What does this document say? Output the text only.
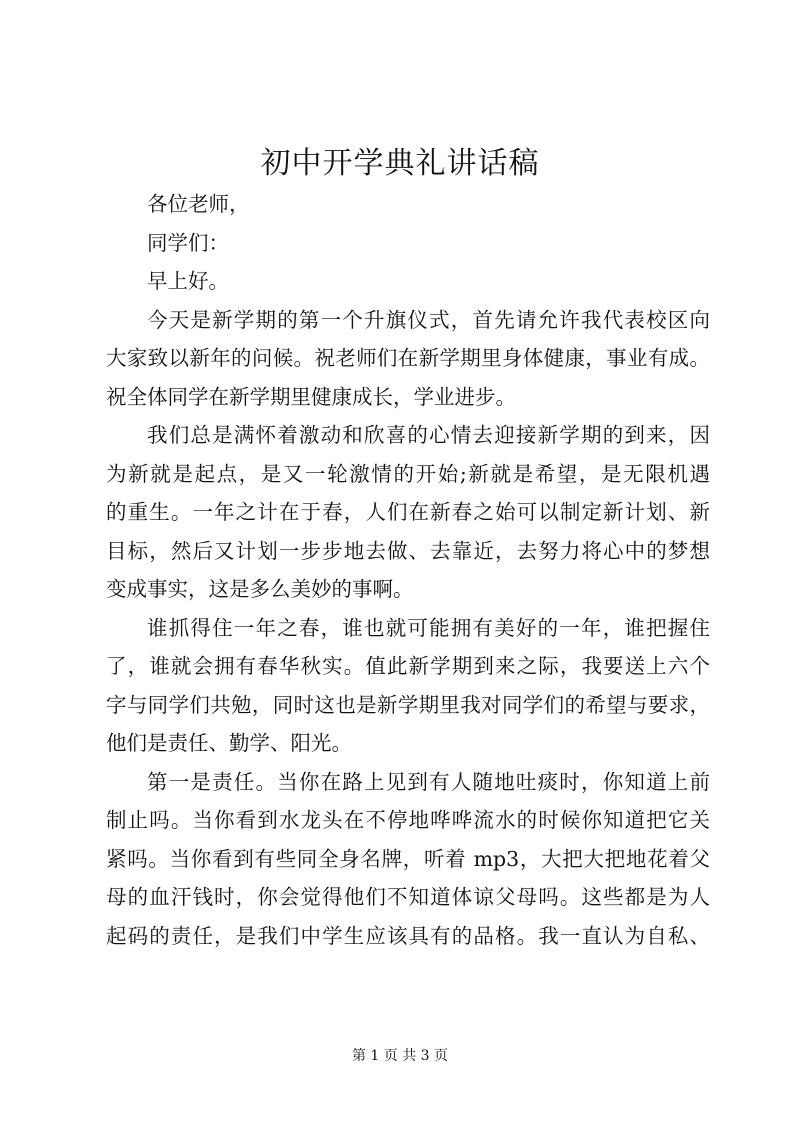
初中开学典礼讲话稿

各位老师，

同学们：

早上好。

今天是新学期的第一个升旗仪式，首先请允许我代表校区向
大家致以新年的问候。祝老师们在新学期里身体健康，事业有成。
祝全体同学在新学期里健康成长，学业进步。

我们总是满怀着激动和欣喜的心情去迎接新学期的到来，因
为新就是起点，是又一轮激情的开始;新就是希望，是无限机遇
的重生。一年之计在于春，人们在新春之始可以制定新计划、新
目标，然后又计划一步步地去做、去靠近，去努力将心中的梦想
变成事实，这是多么美妙的事啊。

谁抓得住一年之春，谁也就可能拥有美好的一年，谁把握住
了，谁就会拥有春华秋实。值此新学期到来之际，我要送上六个
字与同学们共勉，同时这也是新学期里我对同学们的希望与要求，
他们是责任、勤学、阳光。

第一是责任。当你在路上见到有人随地吐痰时，你知道上前
制止吗。当你看到水龙头在不停地哗哗流水的时候你知道把它关
紧吗。当你看到有些同全身名牌，听着 mp3，大把大把地花着父
母的血汗钱时，你会觉得他们不知道体谅父母吗。这些都是为人
起码的责任，是我们中学生应该具有的品格。我一直认为自私、

第 1 页 共 3 页
